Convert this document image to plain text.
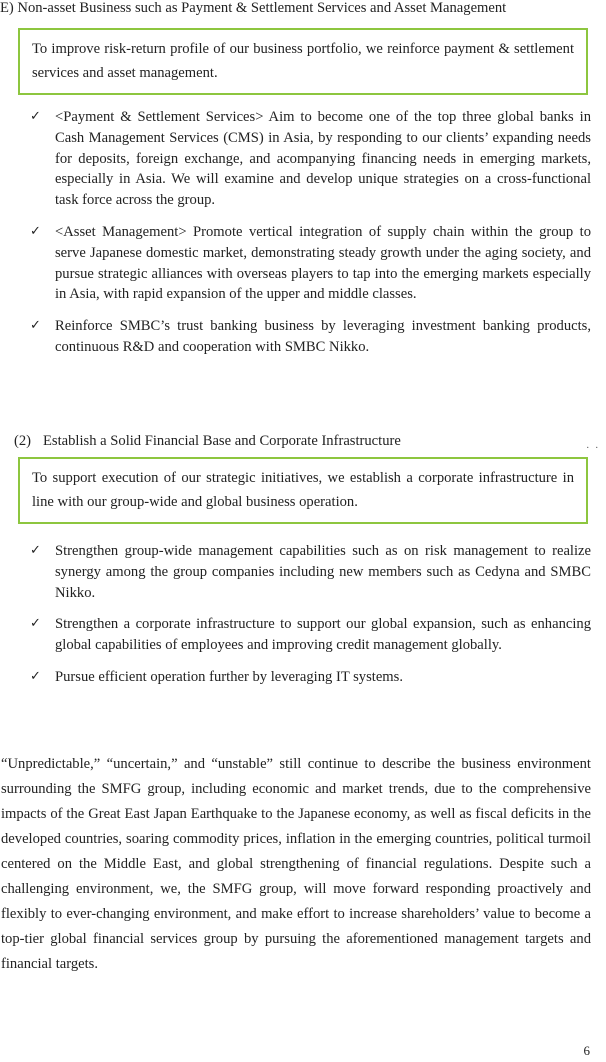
E) Non-asset Business such as Payment & Settlement Services and Asset Management
To improve risk-return profile of our business portfolio, we reinforce payment & settlement services and asset management.
✓ <Payment & Settlement Services> Aim to become one of the top three global banks in Cash Management Services (CMS) in Asia, by responding to our clients’ expanding needs for deposits, foreign exchange, and acompanying financing needs in emerging markets, especially in Asia. We will examine and develop unique strategies on a cross-functional task force across the group.
✓ <Asset Management> Promote vertical integration of supply chain within the group to serve Japanese domestic market, demonstrating steady growth under the aging society, and pursue strategic alliances with overseas players to tap into the emerging markets especially in Asia, with rapid expansion of the upper and middle classes.
✓ Reinforce SMBC’s trust banking business by leveraging investment banking products, continuous R&D and cooperation with SMBC Nikko.
(2) Establish a Solid Financial Base and Corporate Infrastructure	. .
To support execution of our strategic initiatives, we establish a corporate infrastructure in line with our group-wide and global business operation.
✓ Strengthen group-wide management capabilities such as on risk management to realize synergy among the group companies including new members such as Cedyna and SMBC Nikko.
✓ Strengthen a corporate infrastructure to support our global expansion, such as enhancing global capabilities of employees and improving credit management globally.
✓ Pursue efficient operation further by leveraging IT systems.
“Unpredictable,” “uncertain,” and “unstable” still continue to describe the business environment surrounding the SMFG group, including economic and market trends, due to the comprehensive impacts of the Great East Japan Earthquake to the Japanese economy, as well as fiscal deficits in the developed countries, soaring commodity prices, inflation in the emerging countries, political turmoil centered on the Middle East, and global strengthening of financial regulations. Despite such a challenging environment, we, the SMFG group, will move forward responding proactively and flexibly to ever-changing environment, and make effort to increase shareholders’ value to become a top-tier global financial services group by pursuing the aforementioned management targets and financial targets.
6
